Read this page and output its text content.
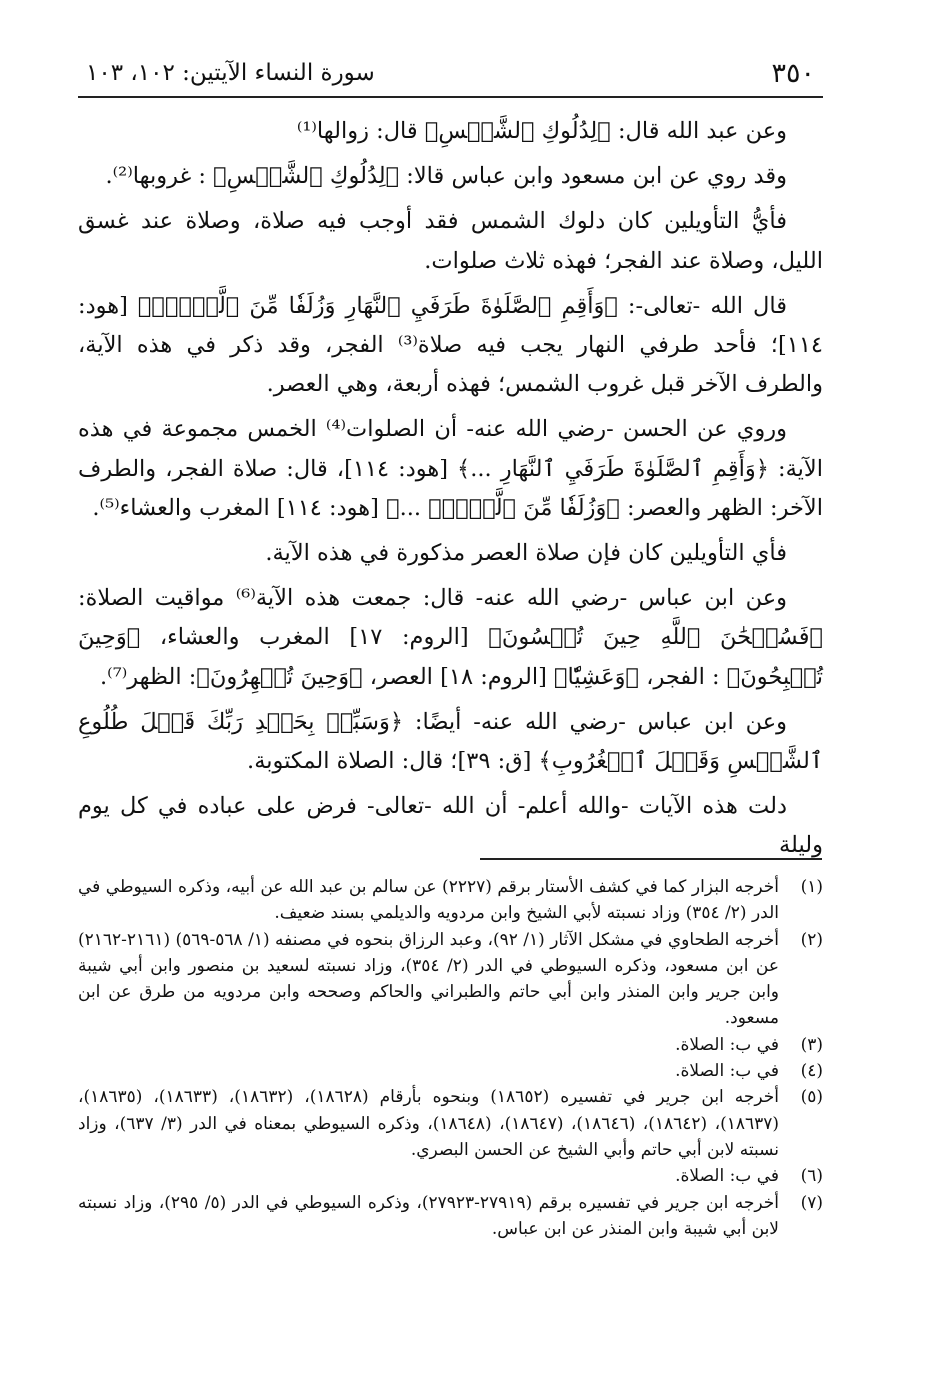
٣٥٠
سورة النساء الآيتين: ١٠٢، ١٠٣

وعن عبد الله قال: ﴿لِدُلُوكِ ٱلشَّمۡسِ﴾ قال: زوالها⁽¹⁾

وقد روي عن ابن مسعود وابن عباس قالا: ﴿لِدُلُوكِ ٱلشَّمۡسِ﴾ : غروبها⁽²⁾.

فأيُّ التأويلين كان دلوك الشمس فقد أوجب فيه صلاة، وصلاة عند غسق الليل، وصلاة عند الفجر؛ فهذه ثلاث صلوات.

قال الله -تعالى-: ﴿وَأَقِمِ ٱلصَّلَوٰةَ طَرَفَيِ ٱلنَّهَارِ وَزُلَفٗا مِّنَ ٱلَّيۡلِۚ﴾ [هود: ١١٤]؛ فأحد طرفي النهار يجب فيه صلاة⁽³⁾ الفجر، وقد ذكر في هذه الآية، والطرف الآخر قبل غروب الشمس؛ فهذه أربعة، وهي العصر.

وروي عن الحسن -رضي الله عنه- أن الصلوات⁽⁴⁾ الخمس مجموعة في هذه الآية: ﴿وَأَقِمِ ٱلصَّلَوٰةَ طَرَفَيِ ٱلنَّهَارِ ...﴾ [هود: ١١٤]، قال: صلاة الفجر، والطرف الآخر: الظهر والعصر: ﴿وَزُلَفٗا مِّنَ ٱلَّيۡلِۚ ...﴾ [هود: ١١٤] المغرب والعشاء⁽⁵⁾.

فأي التأويلين كان فإن صلاة العصر مذكورة في هذه الآية.

وعن ابن عباس -رضي الله عنه- قال: جمعت هذه الآية⁽⁶⁾ مواقيت الصلاة: ﴿فَسُبۡحَٰنَ ٱللَّهِ حِينَ تُمۡسُونَ﴾ [الروم: ١٧] المغرب والعشاء، ﴿وَحِينَ تُصۡبِحُونَ﴾ : الفجر، ﴿وَعَشِيّٗا﴾ [الروم: ١٨] العصر، ﴿وَحِينَ تُظۡهِرُونَ﴾: الظهر⁽⁷⁾.

وعن ابن عباس -رضي الله عنه- أيضًا: ﴿وَسَبِّحۡ بِحَمۡدِ رَبِّكَ قَبۡلَ طُلُوعِ ٱلشَّمۡسِ وَقَبۡلَ ٱلۡغُرُوبِ﴾ [ق: ٣٩]؛ قال: الصلاة المكتوبة.

دلت هذه الآيات -والله أعلم- أن الله -تعالى- فرض على عباده في كل يوم وليلة

(١)
أخرجه البزار كما في كشف الأستار برقم (٢٢٢٧) عن سالم بن عبد الله عن أبيه، وذكره السيوطي في الدر (٢/ ٣٥٤) وزاد نسبته لأبي الشيخ وابن مردويه والديلمي بسند ضعيف.
(٢)
أخرجه الطحاوي في مشكل الآثار (١/ ٩٢)، وعبد الرزاق بنحوه في مصنفه (١/ ٥٦٨-٥٦٩) (٢١٦١-٢١٦٢) عن ابن مسعود، وذكره السيوطي في الدر (٢/ ٣٥٤)، وزاد نسبته لسعيد بن منصور وابن أبي شيبة وابن جرير وابن المنذر وابن أبي حاتم والطبراني والحاكم وصححه وابن مردويه من طرق عن ابن مسعود.
(٣)
في ب: الصلاة.
(٤)
في ب: الصلاة.
(٥)
أخرجه ابن جرير في تفسيره (١٨٦٥٢) وبنحوه بأرقام (١٨٦٢٨)، (١٨٦٣٢)، (١٨٦٣٣)، (١٨٦٣٥)، (١٨٦٣٧)، (١٨٦٤٢)، (١٨٦٤٦)، (١٨٦٤٧)، (١٨٦٤٨)، وذكره السيوطي بمعناه في الدر (٣/ ٦٣٧)، وزاد نسبته لابن أبي حاتم وأبي الشيخ عن الحسن البصري.
(٦)
في ب: الصلاة.
(٧)
أخرجه ابن جرير في تفسيره برقم (٢٧٩١٩-٢٧٩٢٣)، وذكره السيوطي في الدر (٥/ ٢٩٥)، وزاد نسبته لابن أبي شيبة وابن المنذر عن ابن عباس.
